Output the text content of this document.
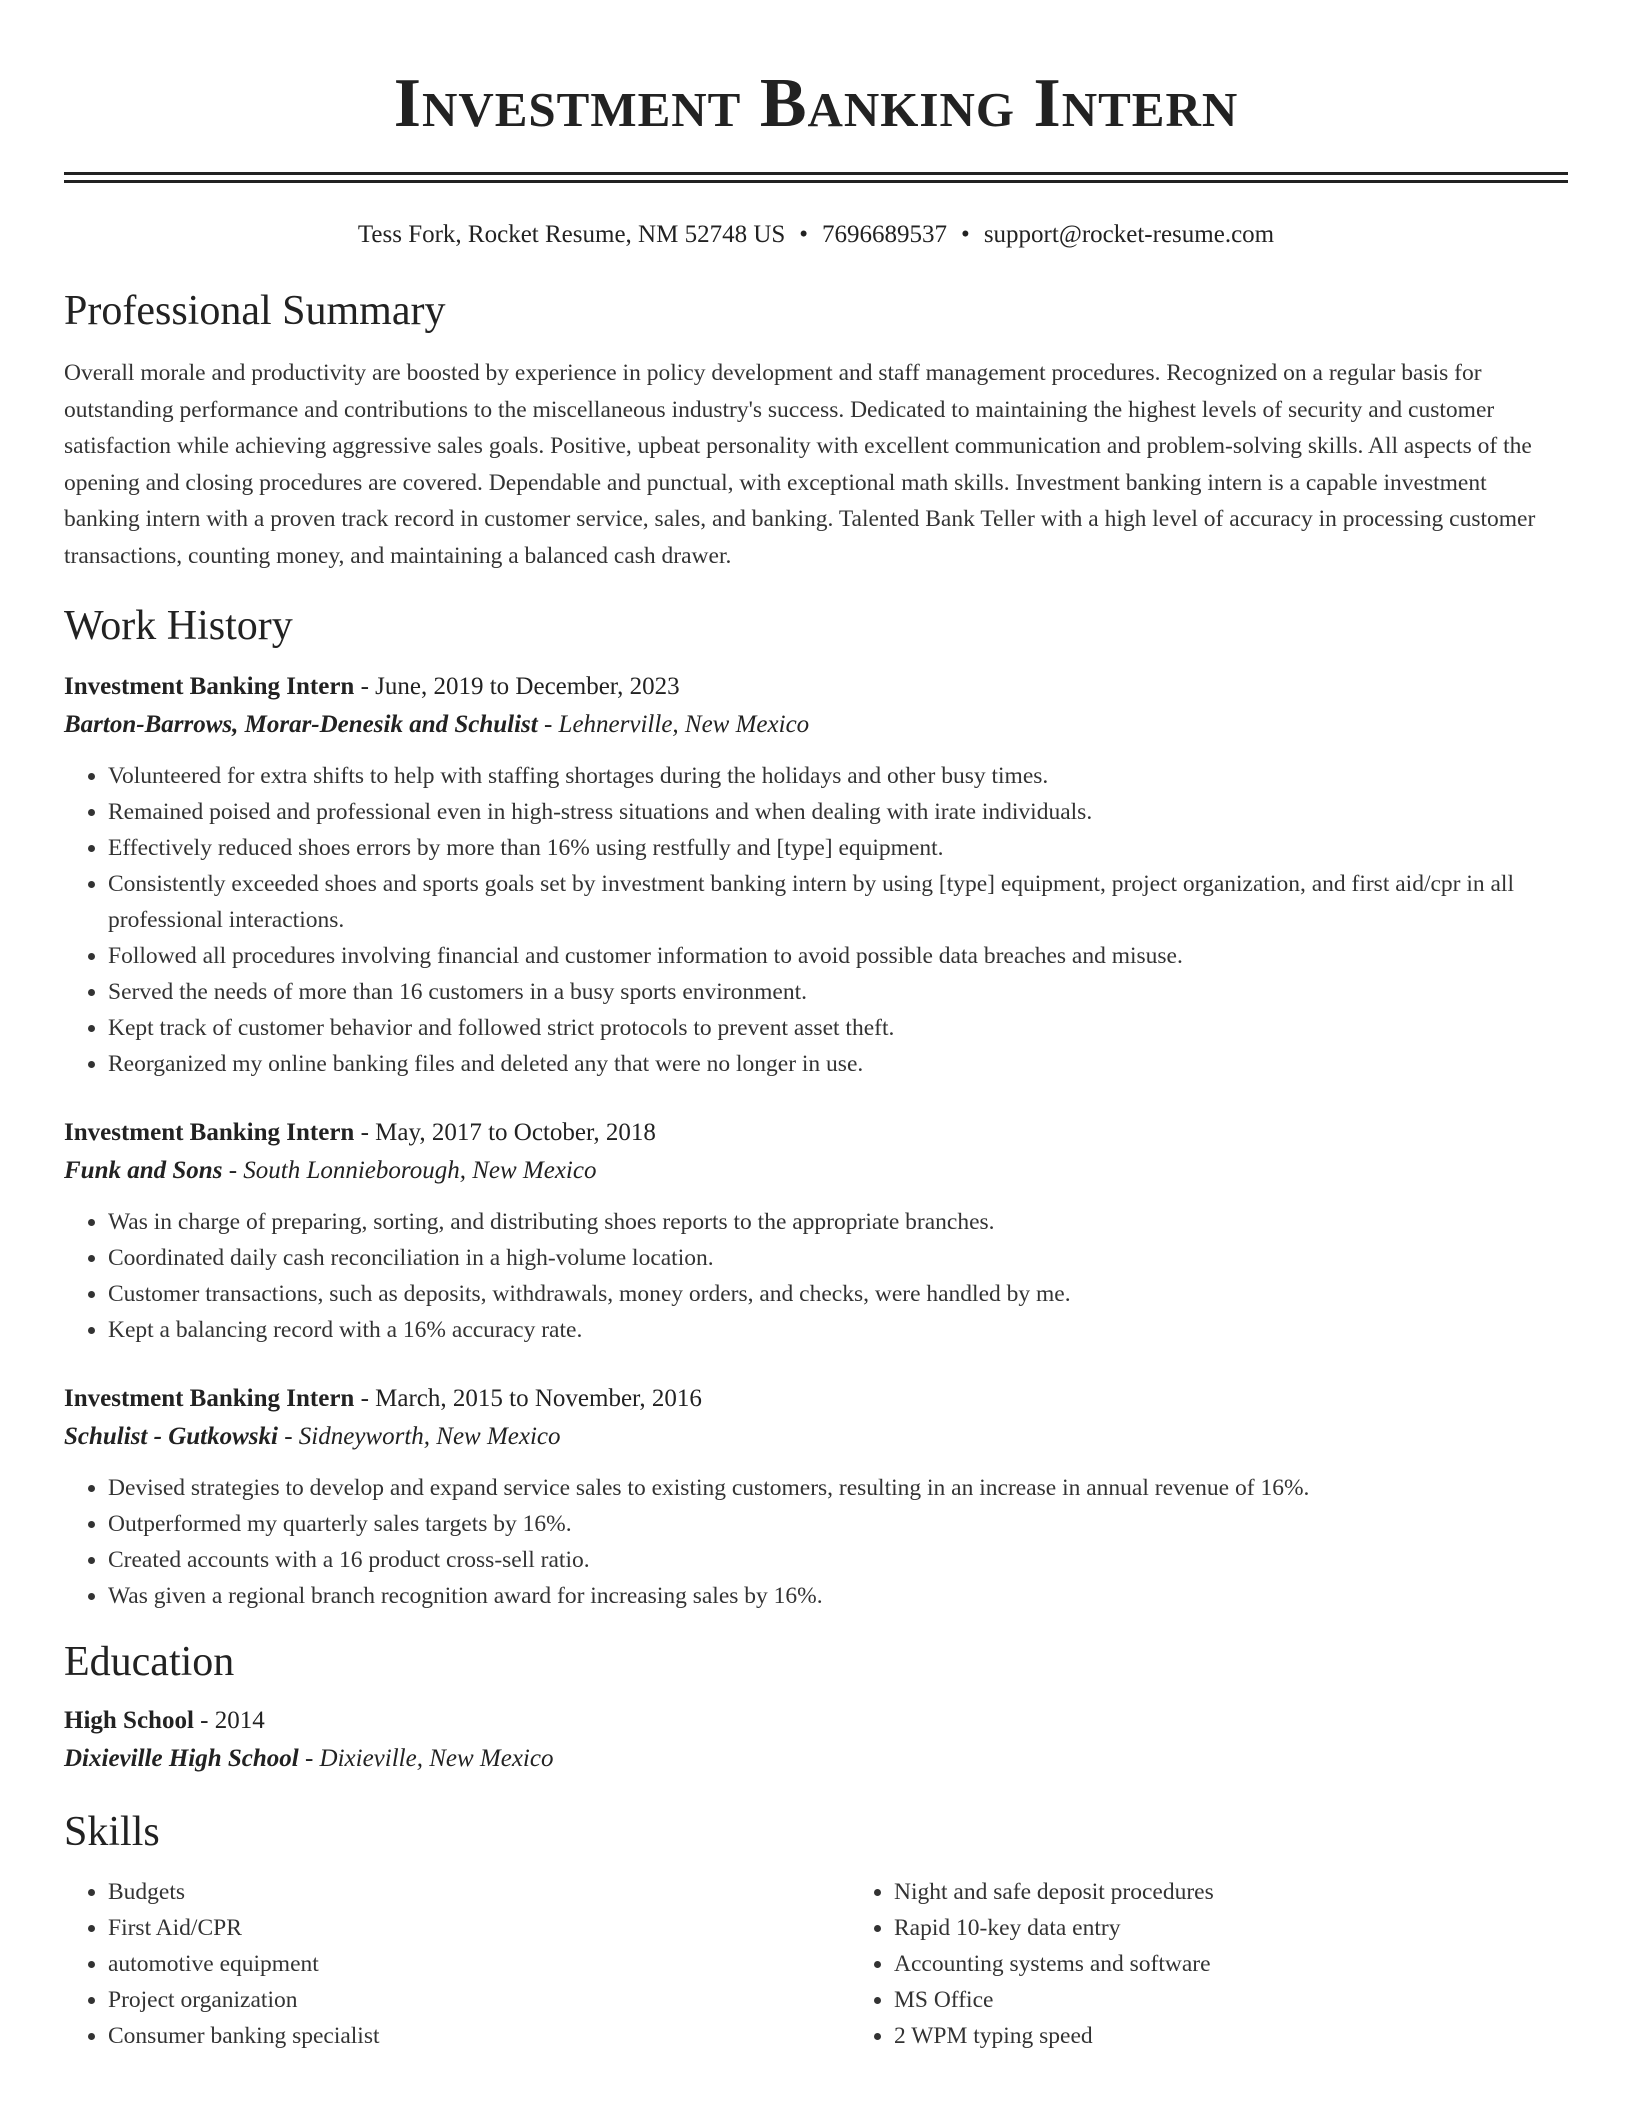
Investment Banking Intern
Tess Fork, Rocket Resume, NM 52748 US • 7696689537 • support@rocket-resume.com
Professional Summary

Overall morale and productivity are boosted by experience in policy development and staff management procedures. Recognized on a regular basis for outstanding performance and contributions to the miscellaneous industry's success. Dedicated to maintaining the highest levels of security and customer satisfaction while achieving aggressive sales goals. Positive, upbeat personality with excellent communication and problem-solving skills. All aspects of the opening and closing procedures are covered. Dependable and punctual, with exceptional math skills. Investment banking intern is a capable investment banking intern with a proven track record in customer service, sales, and banking. Talented Bank Teller with a high level of accuracy in processing customer transactions, counting money, and maintaining a balanced cash drawer.

Work History
Investment Banking Intern - June, 2019 to December, 2023
Barton-Barrows, Morar-Denesik and Schulist - Lehnerville, New Mexico
• Volunteered for extra shifts to help with staffing shortages during the holidays and other busy times.
• Remained poised and professional even in high-stress situations and when dealing with irate individuals.
• Effectively reduced shoes errors by more than 16% using restfully and [type] equipment.
• Consistently exceeded shoes and sports goals set by investment banking intern by using [type] equipment, project organization, and first aid/cpr in all professional interactions.
• Followed all procedures involving financial and customer information to avoid possible data breaches and misuse.
• Served the needs of more than 16 customers in a busy sports environment.
• Kept track of customer behavior and followed strict protocols to prevent asset theft.
• Reorganized my online banking files and deleted any that were no longer in use.
Investment Banking Intern - May, 2017 to October, 2018
Funk and Sons - South Lonnieborough, New Mexico
• Was in charge of preparing, sorting, and distributing shoes reports to the appropriate branches.
• Coordinated daily cash reconciliation in a high-volume location.
• Customer transactions, such as deposits, withdrawals, money orders, and checks, were handled by me.
• Kept a balancing record with a 16% accuracy rate.
Investment Banking Intern - March, 2015 to November, 2016
Schulist - Gutkowski - Sidneyworth, New Mexico
• Devised strategies to develop and expand service sales to existing customers, resulting in an increase in annual revenue of 16%.
• Outperformed my quarterly sales targets by 16%.
• Created accounts with a 16 product cross-sell ratio.
• Was given a regional branch recognition award for increasing sales by 16%.
Education
High School - 2014
Dixieville High School - Dixieville, New Mexico
Skills
• Budgets
• First Aid/CPR
• automotive equipment
• Project organization
• Consumer banking specialist
• Night and safe deposit procedures
• Rapid 10-key data entry
• Accounting systems and software
• MS Office
• 2 WPM typing speed
